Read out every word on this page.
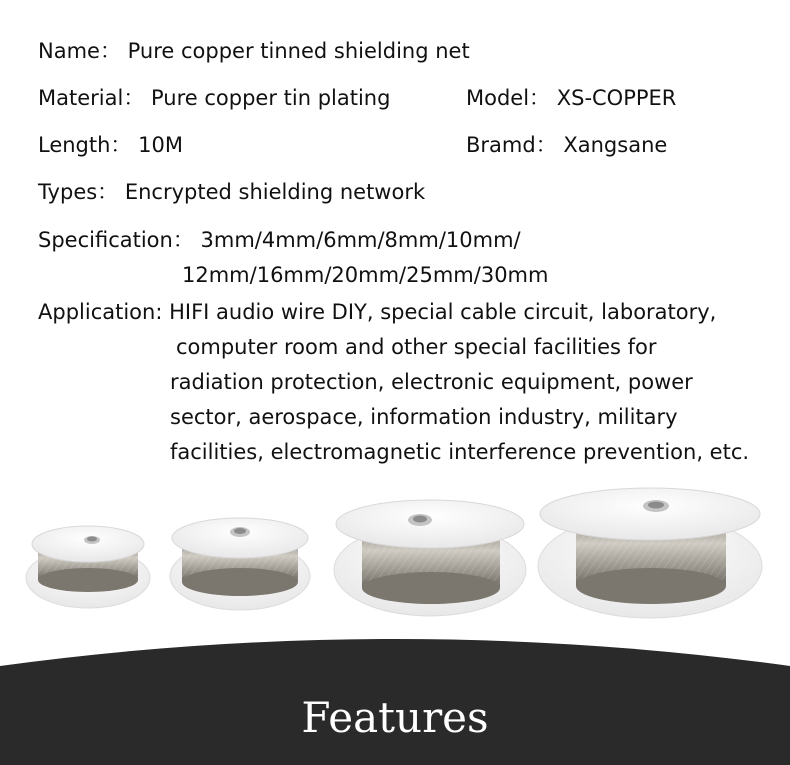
Name： Pure copper tinned shielding net
Material： Pure copper tin plating	Model： XS-COPPER
Length： 10M	Bramd： Xangsane
Types： Encrypted shielding network
Specification： 3mm/4mm/6mm/8mm/10mm/
12mm/16mm/20mm/25mm/30mm
Application: HIFI audio wire DIY, special cable circuit, laboratory,
computer room and other special facilities for
radiation protection, electronic equipment, power
sector, aerospace, information industry, military
facilities, electromagnetic interference prevention, etc.
Features
